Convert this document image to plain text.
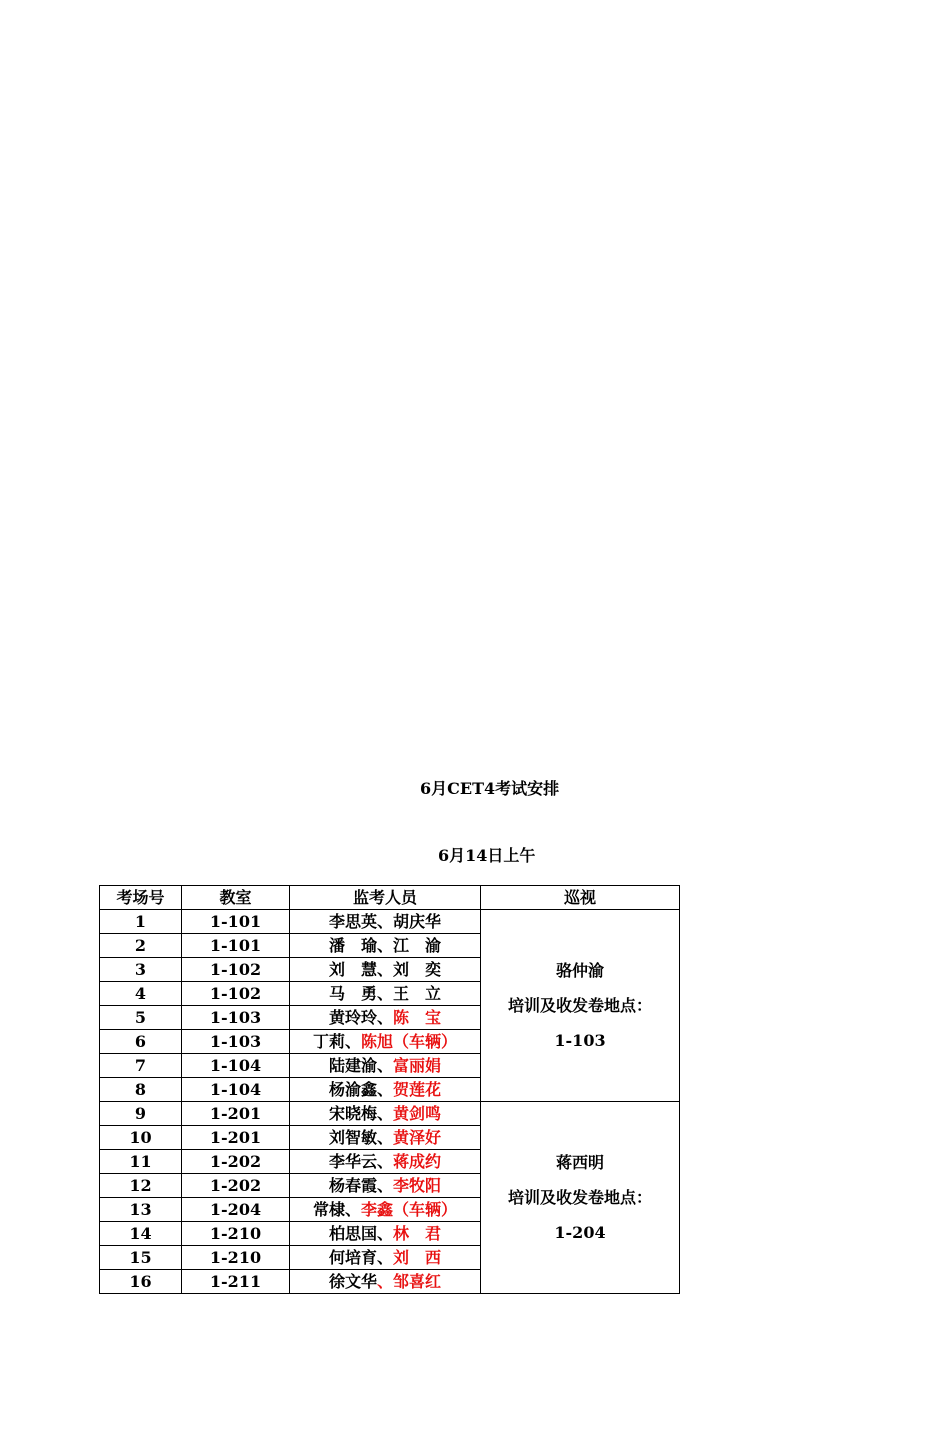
6月CET4考试安排
6月14日上午
考场号	教室	监考人员	巡视
1	1-101	李思英、胡庆华	骆仲渝
培训及收发卷地点：
1-103

2	1-101	潘　瑜、江　渝	
3	1-102	刘　慧、刘　奕	
4	1-102	马　勇、王　立	
5	1-103	黄玲玲、陈　宝	
6	1-103	丁莉、陈旭（车辆）	
7	1-104	陆建渝、富丽娟	
8	1-104	杨渝鑫、贺莲花	
9	1-201	宋晓梅、黄剑鸣	蒋西明
培训及收发卷地点：
1-204

10	1-201	刘智敏、黄泽好	
11	1-202	李华云、蒋成约	
12	1-202	杨春霞、李牧阳	
13	1-204	常棣、李鑫（车辆）	
14	1-210	柏思国、林　君	
15	1-210	何培育、刘　西	
16	1-211	徐文华、邹喜红	
